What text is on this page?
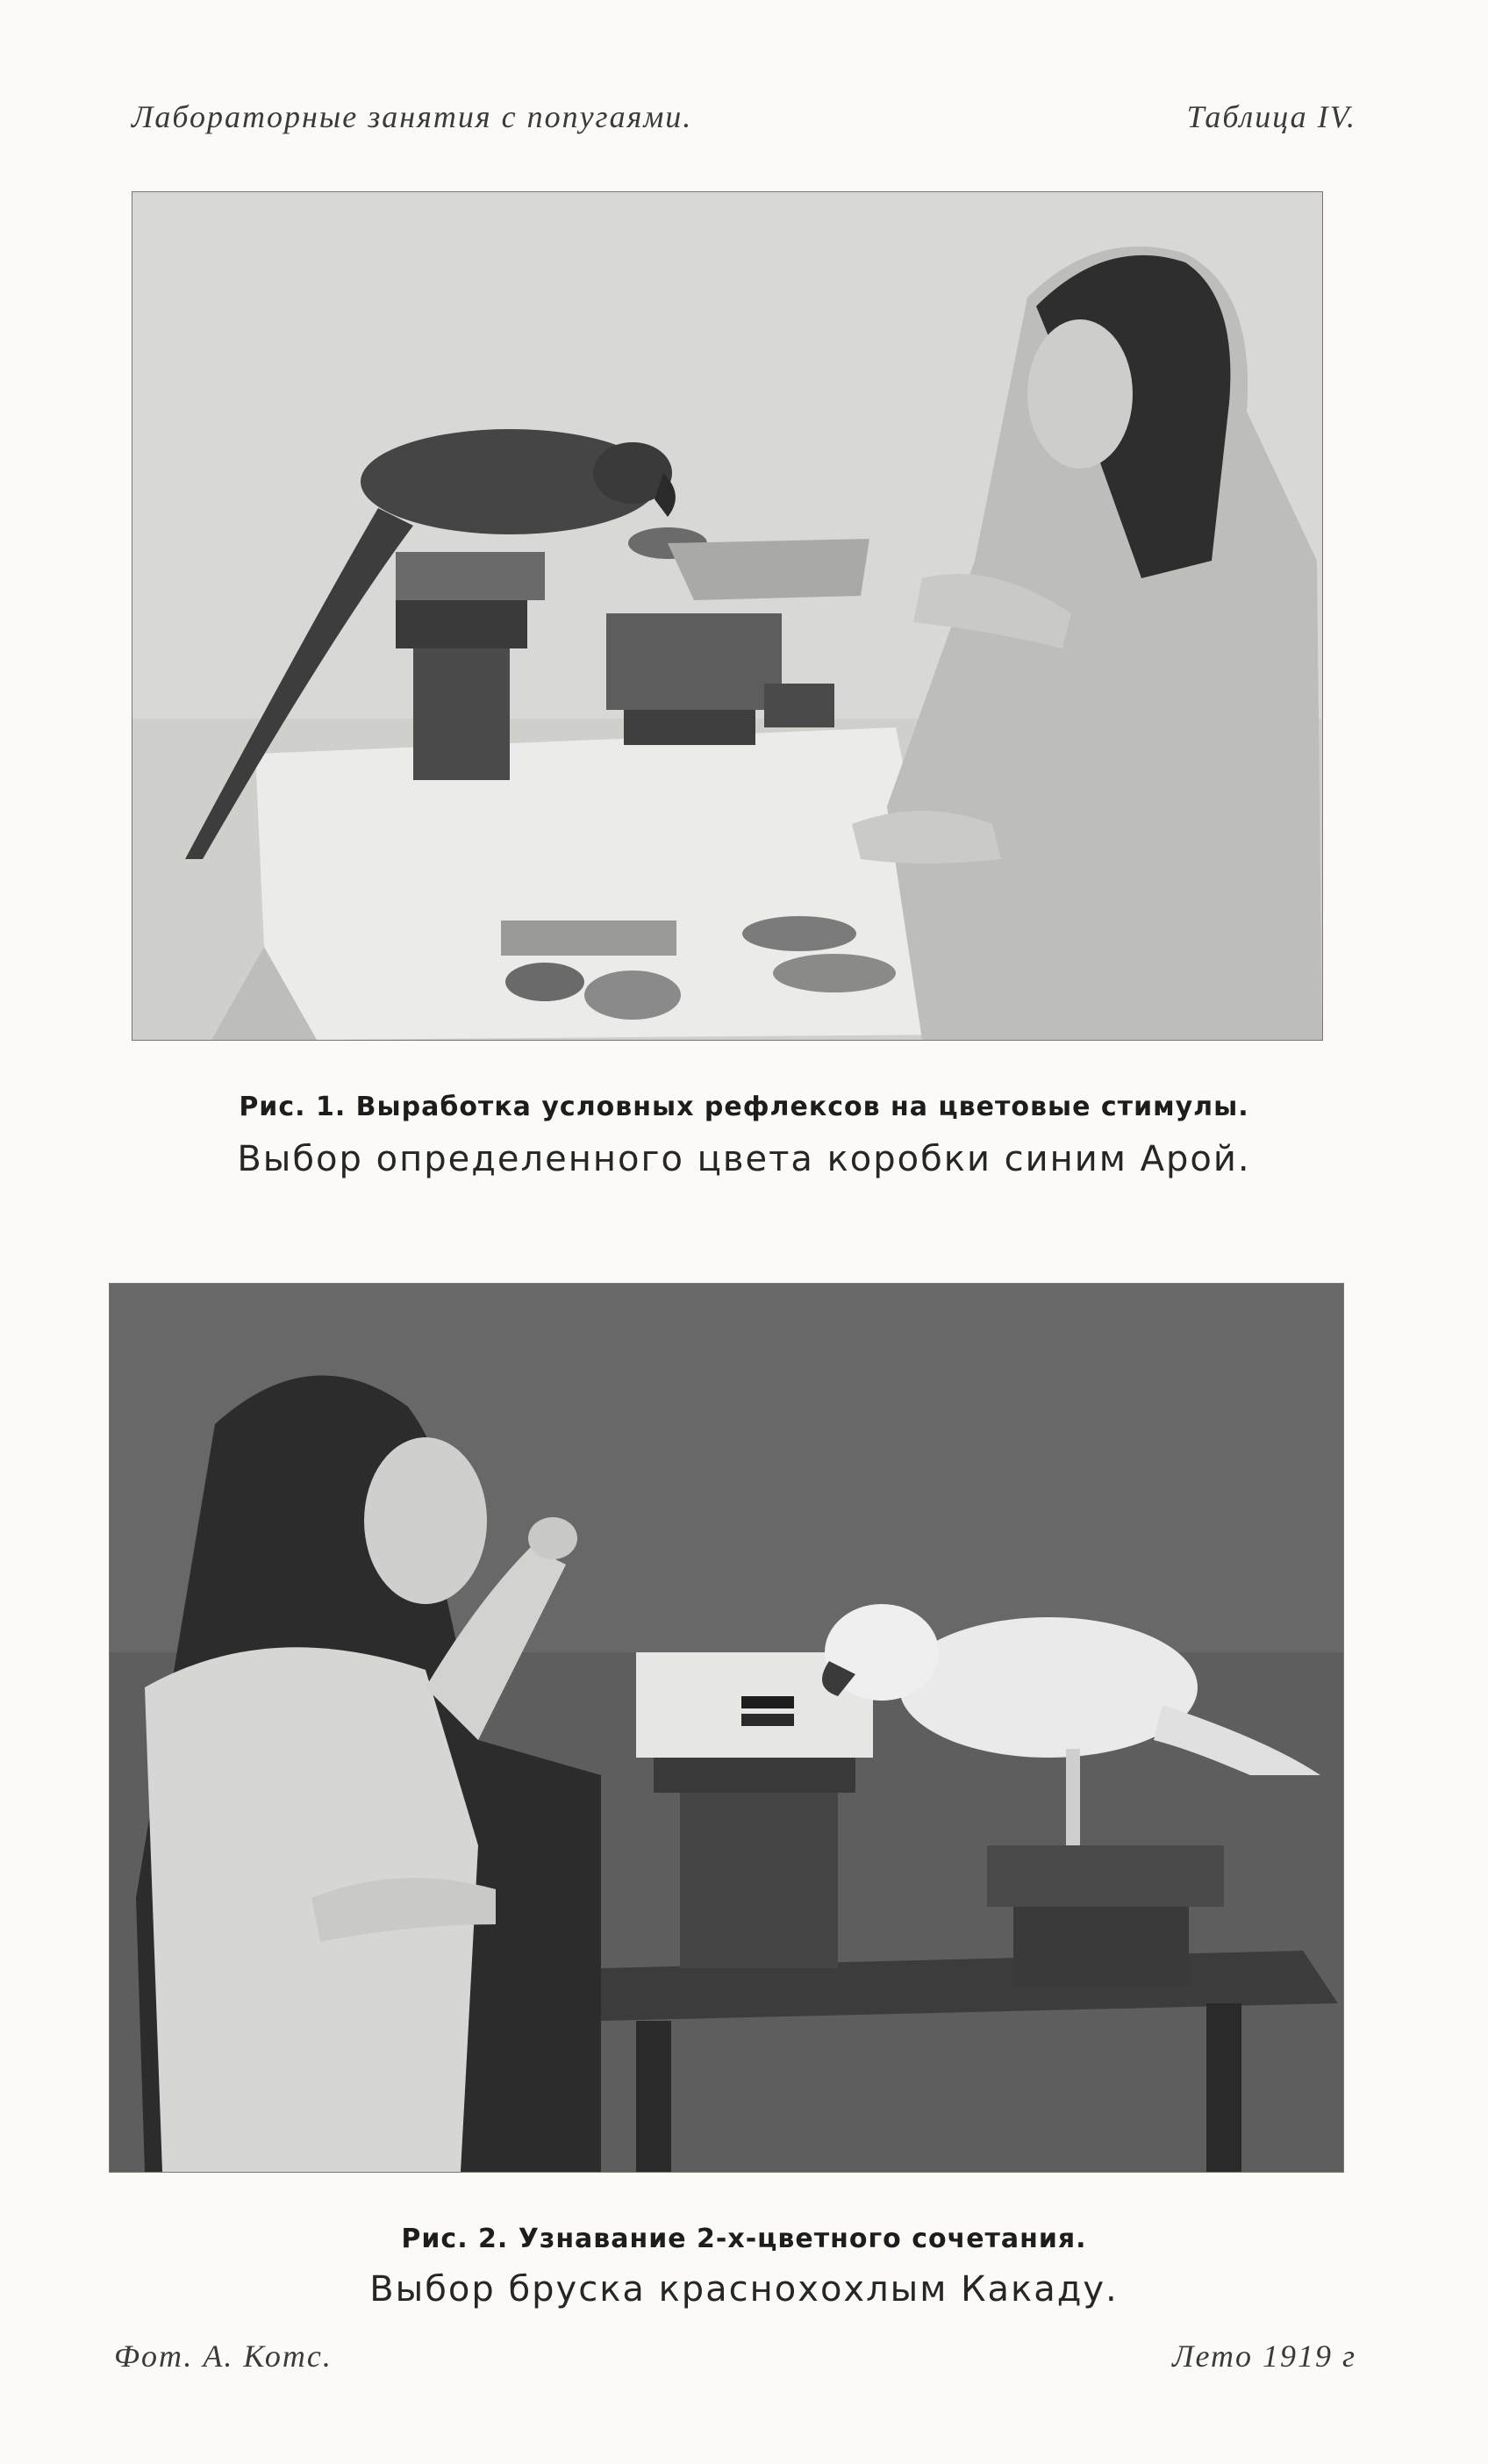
Лабораторные занятия с попугаями.	Таблица IV.
Рис. 1. Выработка условных рефлексов на цветовые стимулы.
Выбор определенного цвета коробки синим Арой.
Рис. 2. Узнавание 2-х-цветного сочетания.
Выбор бруска краснохохлым Какаду.
Фот. А. Котс.	Лето 1919 г
